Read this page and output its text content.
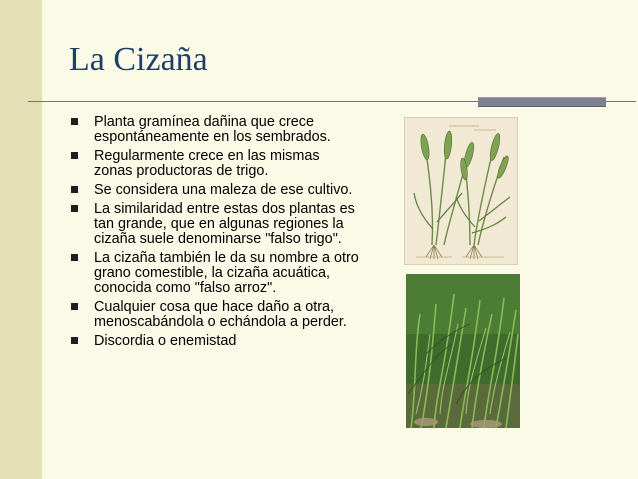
La Cizaña
Planta gramínea dañina que crece espontáneamente en los sembrados.
Regularmente crece en las mismas zonas productoras de trigo.
Se considera una maleza de ese cultivo.
La similaridad entre estas dos plantas es tan grande, que en algunas regiones la cizaña suele denominarse "falso trigo".
La cizaña también le da su nombre a otro grano comestible, la cizaña acuática, conocida como "falso arroz".
Cualquier cosa que hace daño a otra, menoscabándola o echándola a perder.
Discordia o enemistad
